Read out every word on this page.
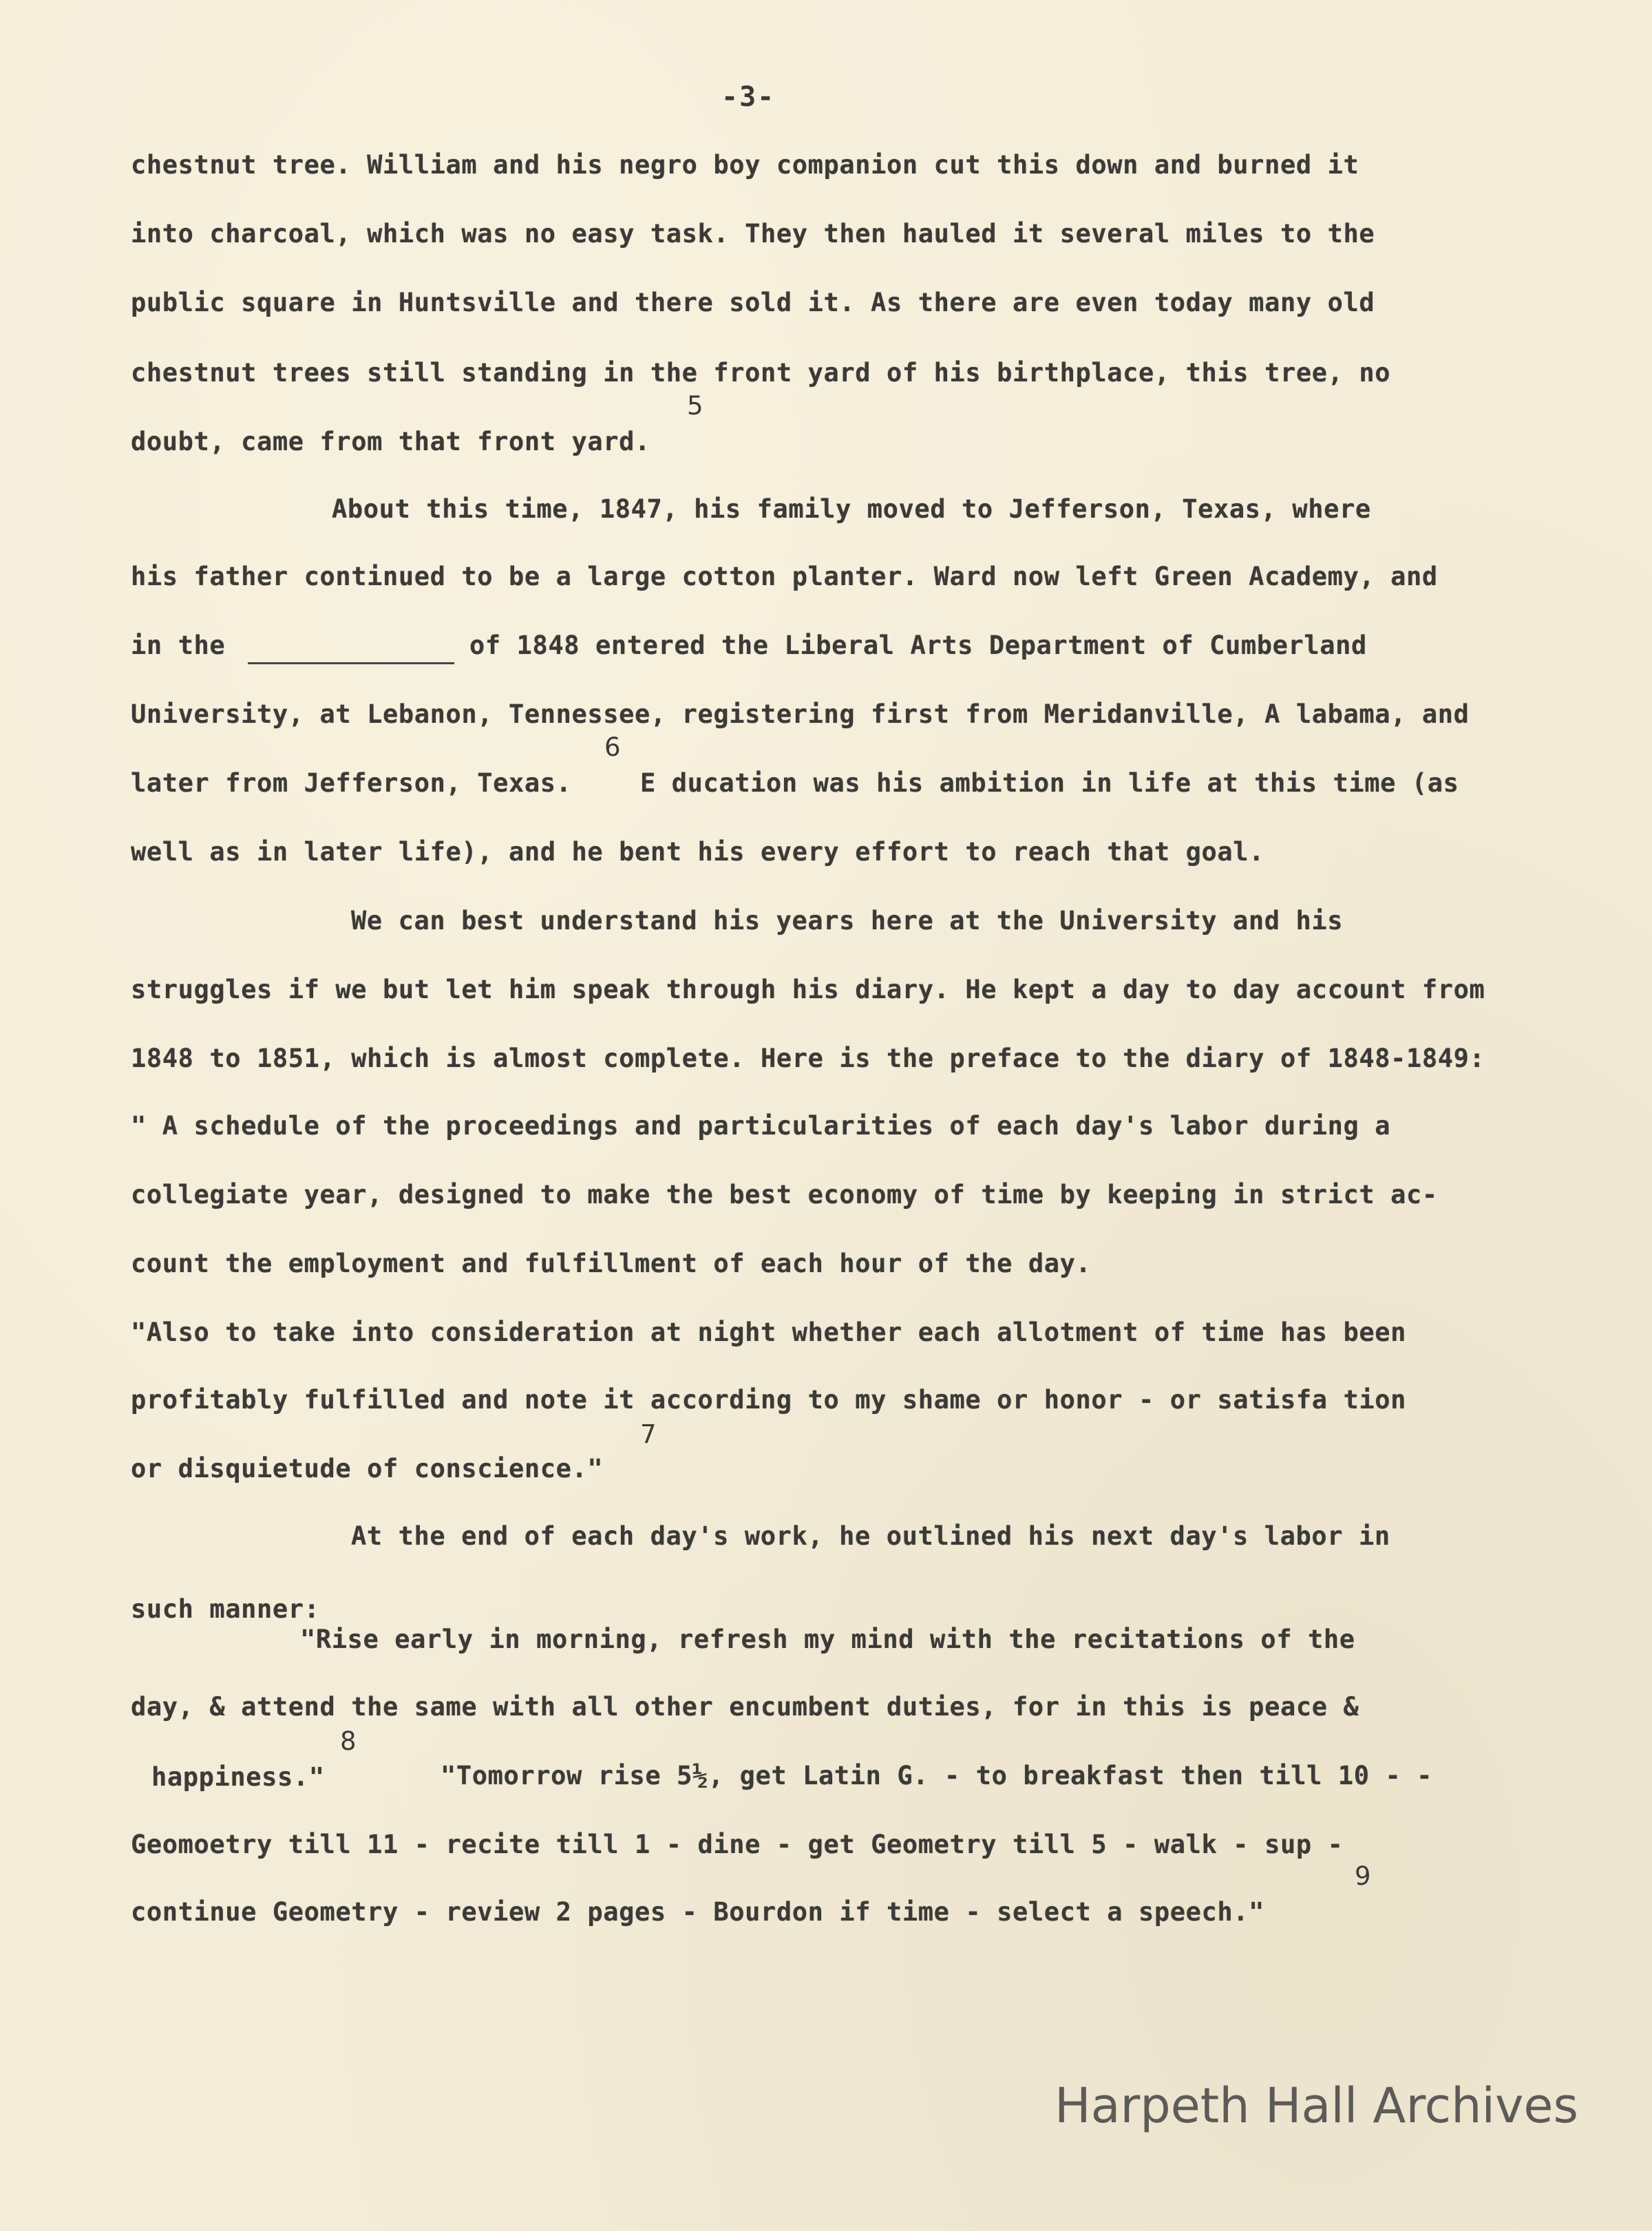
-3-
chestnut tree. William and his negro boy companion cut this down and burned it
into charcoal, which was no easy task. They then hauled it several miles to the
public square in Huntsville and there sold it. As there are even today many old
chestnut trees still standing in the front yard of his birthplace, this tree, no
5
doubt, came from that front yard.
About this time, 1847, his family moved to Jefferson, Texas, where
his father continued to be a large cotton planter. Ward now left Green Academy, and
in the	of 1848 entered the Liberal Arts Department of Cumberland
University, at Lebanon, Tennessee, registering first from Meridanville, A labama, and
6
later from Jefferson, Texas.	E ducation was his ambition in life at this time (as
well as in later life), and he bent his every effort to reach that goal.
We can best understand his years here at the University and his
struggles if we but let him speak through his diary. He kept a day to day account from
1848 to 1851, which is almost complete. Here is the preface to the diary of 1848-1849:
" A schedule of the proceedings and particularities of each day's labor during a
collegiate year, designed to make the best economy of time by keeping in strict ac-
count the employment and fulfillment of each hour of the day.
"Also to take into consideration at night whether each allotment of time has been
profitably fulfilled and note it according to my shame or honor - or satisfa tion
7
or disquietude of conscience."
At the end of each day's work, he outlined his next day's labor in
such manner:
"Rise early in morning, refresh my mind with the recitations of the
day, & attend the same with all other encumbent duties, for in this is peace &
8
happiness."	"Tomorrow rise 5½, get Latin G. - to breakfast then till 10 - -
Geomoetry till 11 - recite till 1 - dine - get Geometry till 5 - walk - sup -
9
continue Geometry - review 2 pages - Bourdon if time - select a speech."
Harpeth Hall Archives
